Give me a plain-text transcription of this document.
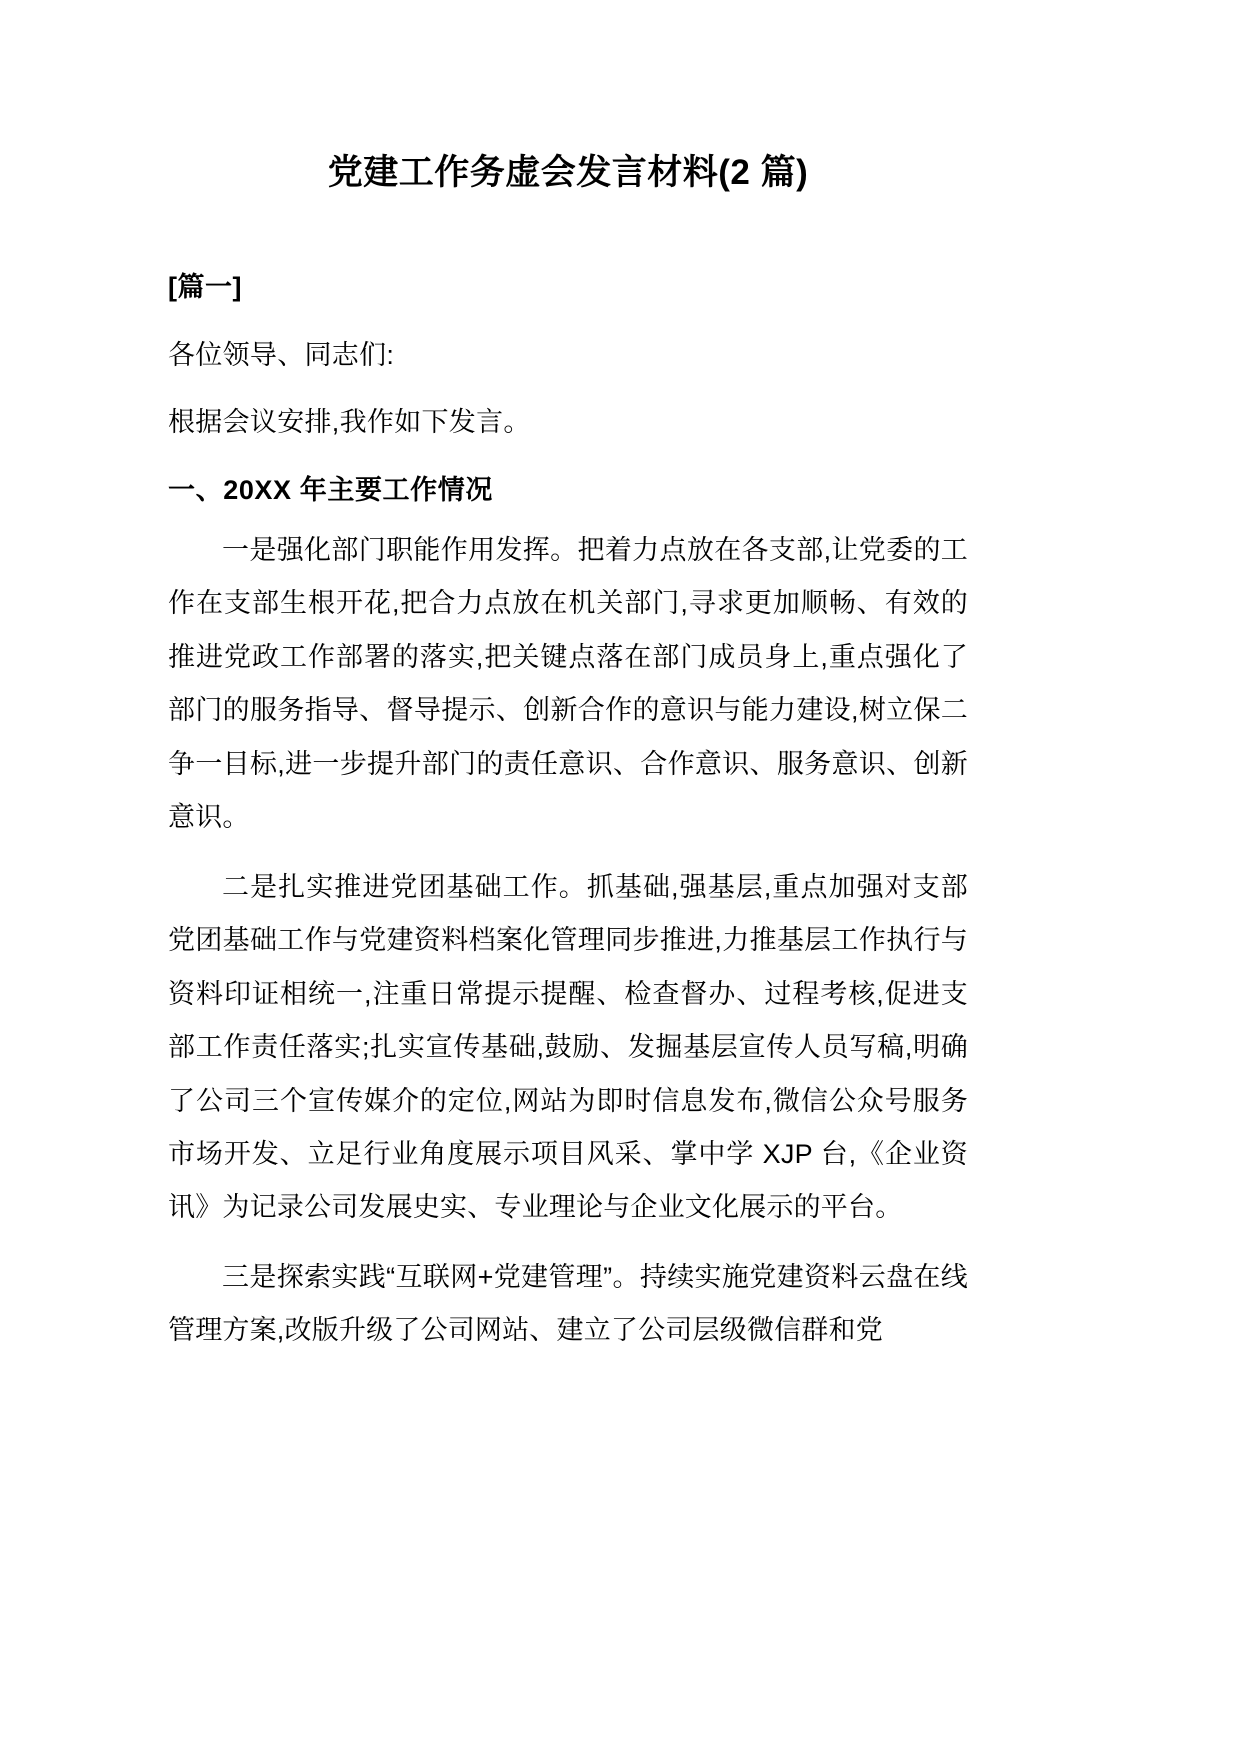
党建工作务虚会发言材料(2 篇)
[篇一]
各位领导、同志们:
根据会议安排,我作如下发言。
一、20XX 年主要工作情况

一是强化部门职能作用发挥。把着力点放在各支部,让党委的工作在支部生根开花,把合力点放在机关部门,寻求更加顺畅、有效的推进党政工作部署的落实,把关键点落在部门成员身上,重点强化了部门的服务指导、督导提示、创新合作的意识与能力建设,树立保二争一目标,进一步提升部门的责任意识、合作意识、服务意识、创新意识。

二是扎实推进党团基础工作。抓基础,强基层,重点加强对支部党团基础工作与党建资料档案化管理同步推进,力推基层工作执行与资料印证相统一,注重日常提示提醒、检查督办、过程考核,促进支部工作责任落实;扎实宣传基础,鼓励、发掘基层宣传人员写稿,明确了公司三个宣传媒介的定位,网站为即时信息发布,微信公众号服务市场开发、立足行业角度展示项目风采、掌中学 XJP 台,《企业资讯》为记录公司发展史实、专业理论与企业文化展示的平台。

三是探索实践“互联网+党建管理”。持续实施党建资料云盘在线管理方案,改版升级了公司网站、建立了公司层级微信群和党
